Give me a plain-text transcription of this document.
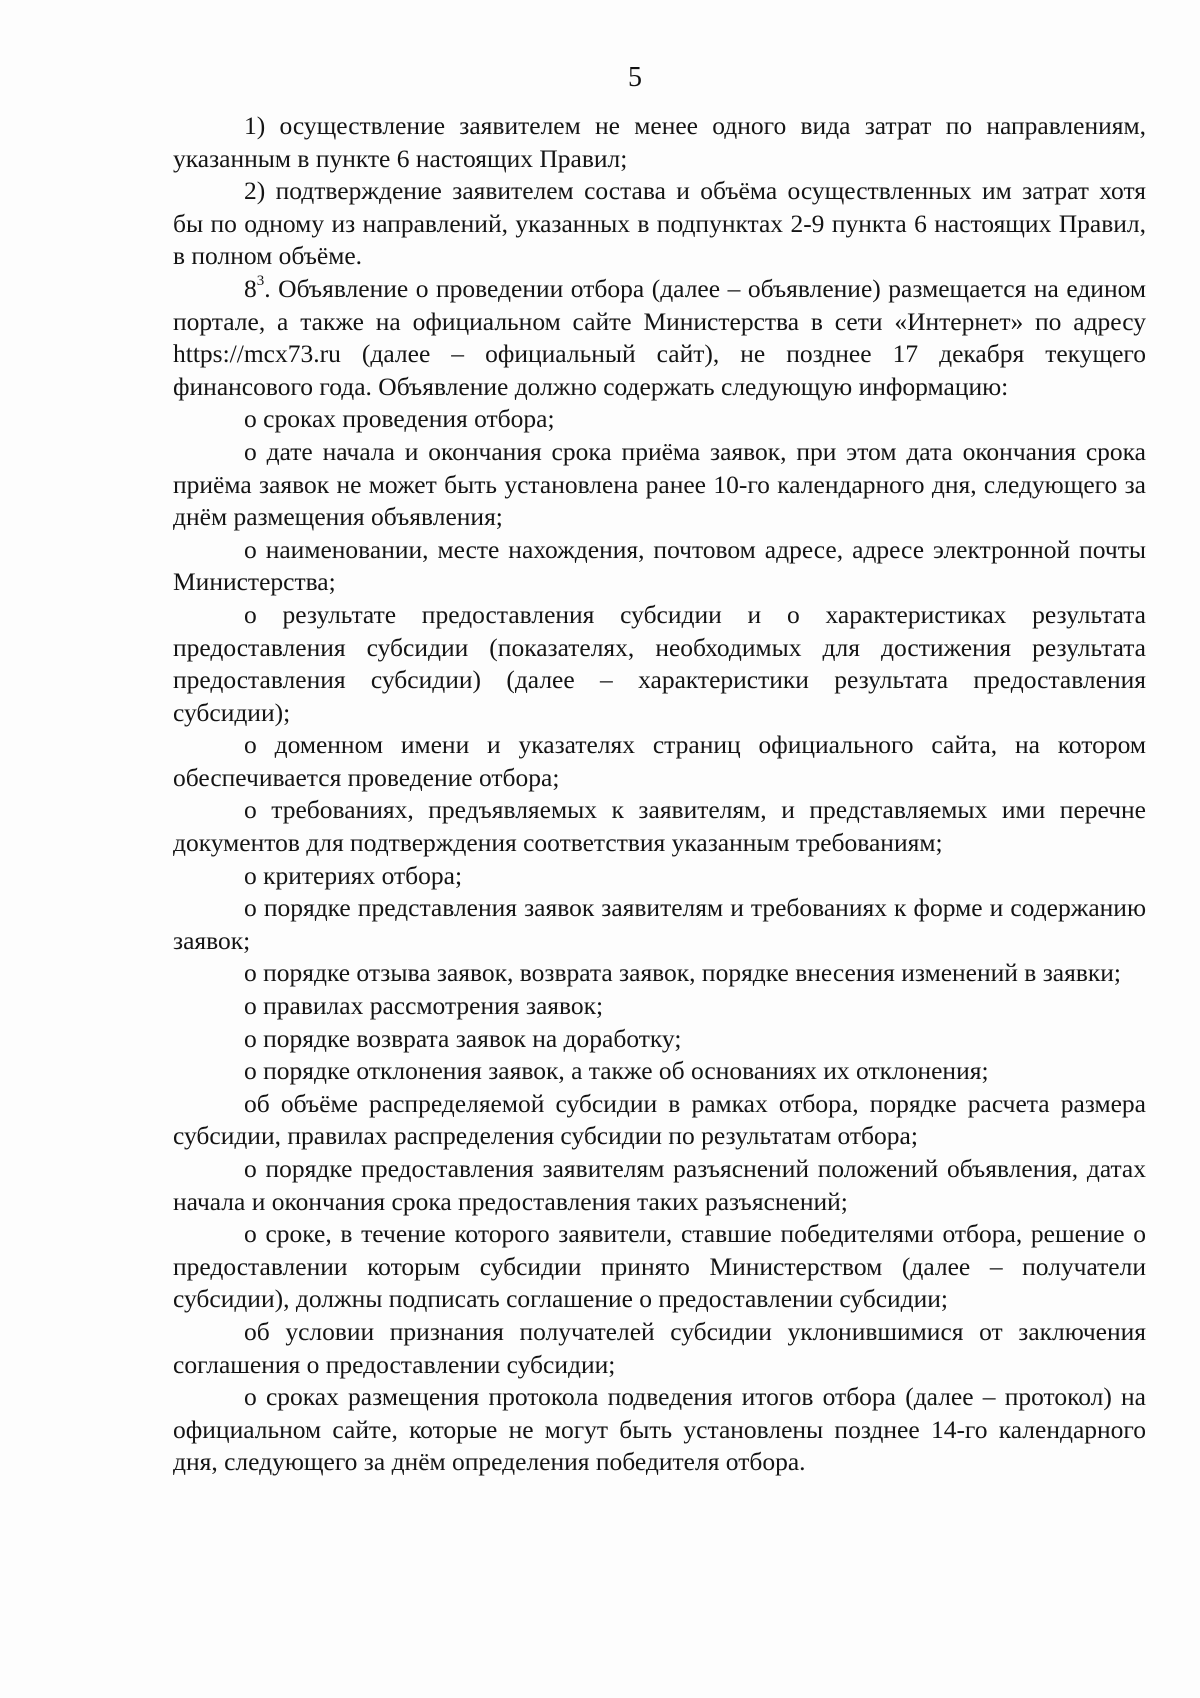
5

1) осуществление заявителем не менее одного вида затрат по направлениям, указанным в пункте 6 настоящих Правил;

2) подтверждение заявителем состава и объёма осуществленных им затрат хотя бы по одному из направлений, указанных в подпунктах 2-9 пункта 6 настоящих Правил, в полном объёме.

$8^3$. Объявление о проведении отбора (далее – объявление) размещается на едином портале, а также на официальном сайте Министерства в сети «Интернет» по адресу https://mcx73.ru (далее – официальный сайт), не позднее 17 декабря текущего финансового года. Объявление должно содержать следующую информацию:

о сроках проведения отбора;

о дате начала и окончания срока приёма заявок, при этом дата окончания срока приёма заявок не может быть установлена ранее 10-го календарного дня, следующего за днём размещения объявления;

о наименовании, месте нахождения, почтовом адресе, адресе электронной почты Министерства;

о результате предоставления субсидии и о характеристиках результата предоставления субсидии (показателях, необходимых для достижения результата предоставления субсидии) (далее – характеристики результата предоставления субсидии);

о доменном имени и указателях страниц официального сайта, на котором обеспечивается проведение отбора;

о требованиях, предъявляемых к заявителям, и представляемых ими перечне документов для подтверждения соответствия указанным требованиям;

о критериях отбора;

о порядке представления заявок заявителям и требованиях к форме и содержанию заявок;

о порядке отзыва заявок, возврата заявок, порядке внесения изменений в заявки;

о правилах рассмотрения заявок;

о порядке возврата заявок на доработку;

о порядке отклонения заявок, а также об основаниях их отклонения;

об объёме распределяемой субсидии в рамках отбора, порядке расчета размера субсидии, правилах распределения субсидии по результатам отбора;

о порядке предоставления заявителям разъяснений положений объявления, датах начала и окончания срока предоставления таких разъяснений;

о сроке, в течение которого заявители, ставшие победителями отбора, решение о предоставлении которым субсидии принято Министерством (далее – получатели субсидии), должны подписать соглашение о предоставлении субсидии;

об условии признания получателей субсидии уклонившимися от заключения соглашения о предоставлении субсидии;

о сроках размещения протокола подведения итогов отбора (далее – протокол) на официальном сайте, которые не могут быть установлены позднее 14-го календарного дня, следующего за днём определения победителя отбора.
